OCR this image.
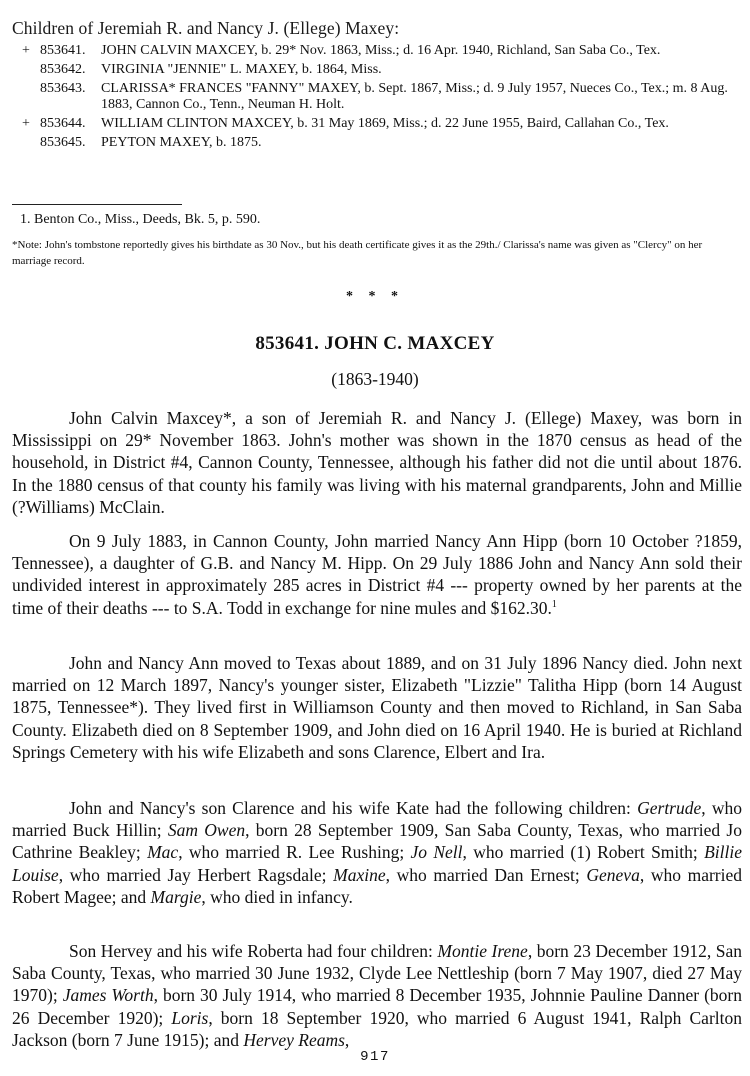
Children of Jeremiah R. and Nancy J. (Ellege) Maxey:
+ 853641.	JOHN CALVIN MAXCEY, b. 29* Nov. 1863, Miss.; d. 16 Apr. 1940, Richland, San Saba Co., Tex.
853642.	VIRGINIA "JENNIE" L. MAXEY, b. 1864, Miss.
853643.	CLARISSA* FRANCES "FANNY" MAXEY, b. Sept. 1867, Miss.; d. 9 July 1957, Nueces Co., Tex.; m. 8 Aug. 1883, Cannon Co., Tenn., Neuman H. Holt.
+ 853644.	WILLIAM CLINTON MAXCEY, b. 31 May 1869, Miss.; d. 22 June 1955, Baird, Callahan Co., Tex.
853645.	PEYTON MAXEY, b. 1875.
1. Benton Co., Miss., Deeds, Bk. 5, p. 590.
*Note: John's tombstone reportedly gives his birthdate as 30 Nov., but his death certificate gives it as the 29th./ Clarissa's name was given as "Clercy" on her marriage record.
* * *
853641. JOHN C. MAXCEY
(1863-1940)

John Calvin Maxcey*, a son of Jeremiah R. and Nancy J. (Ellege) Maxey, was born in Mississippi on 29* November 1863. John's mother was shown in the 1870 census as head of the household, in District #4, Cannon County, Tennessee, although his father did not die until about 1876. In the 1880 census of that county his family was living with his maternal grandparents, John and Millie (?Williams) McClain.

On 9 July 1883, in Cannon County, John married Nancy Ann Hipp (born 10 October ?1859, Tennessee), a daughter of G.B. and Nancy M. Hipp. On 29 July 1886 John and Nancy Ann sold their undivided interest in approximately 285 acres in District #4 --- property owned by her parents at the time of their deaths --- to S.A. Todd in exchange for nine mules and $162.30.$^1$

John and Nancy Ann moved to Texas about 1889, and on 31 July 1896 Nancy died. John next married on 12 March 1897, Nancy's younger sister, Elizabeth "Lizzie" Talitha Hipp (born 14 August 1875, Tennessee*). They lived first in Williamson County and then moved to Richland, in San Saba County. Elizabeth died on 8 September 1909, and John died on 16 April 1940. He is buried at Richland Springs Cemetery with his wife Elizabeth and sons Clarence, Elbert and Ira.

John and Nancy's son Clarence and his wife Kate had the following children: Gertrude, who married Buck Hillin; Sam Owen, born 28 September 1909, San Saba County, Texas, who married Jo Cathrine Beakley; Mac, who married R. Lee Rushing; Jo Nell, who married (1) Robert Smith; Billie Louise, who married Jay Herbert Ragsdale; Maxine, who married Dan Ernest; Geneva, who married Robert Magee; and Margie, who died in infancy.

Son Hervey and his wife Roberta had four children: Montie Irene, born 23 December 1912, San Saba County, Texas, who married 30 June 1932, Clyde Lee Nettleship (born 7 May 1907, died 27 May 1970); James Worth, born 30 July 1914, who married 8 December 1935, Johnnie Pauline Danner (born 26 December 1920); Loris, born 18 September 1920, who married 6 August 1941, Ralph Carlton Jackson (born 7 June 1915); and Hervey Reams,

917
